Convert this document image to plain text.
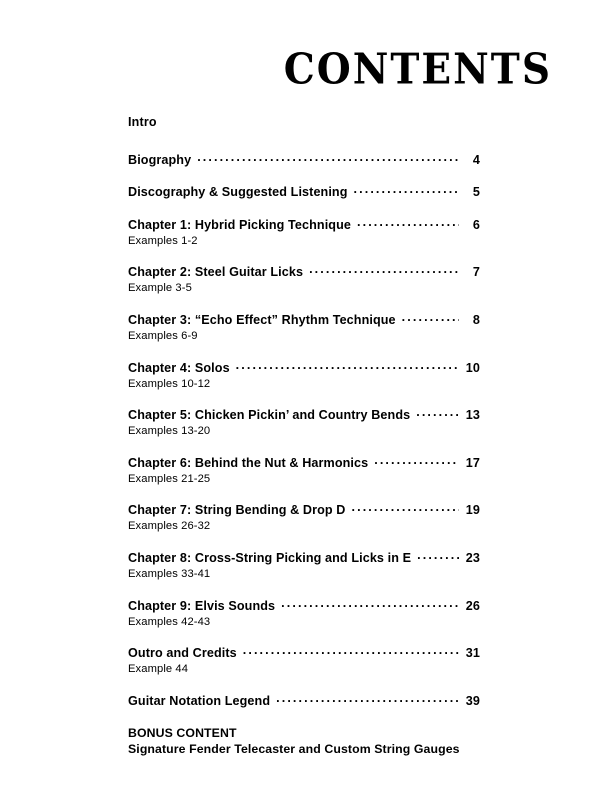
CONTENTS
Intro
Biography .....	4
Discography & Suggested Listening .....	5
Chapter 1: Hybrid Picking Technique .....	6
Examples 1-2
Chapter 2: Steel Guitar Licks .....	7
Example 3-5
Chapter 3: “Echo Effect” Rhythm Technique .....	8
Examples 6-9
Chapter 4: Solos .....	10
Examples 10-12
Chapter 5: Chicken Pickin’ and Country Bends .....	13
Examples 13-20
Chapter 6: Behind the Nut & Harmonics .....	17
Examples 21-25
Chapter 7: String Bending & Drop D .....	19
Examples 26-32
Chapter 8: Cross-String Picking and Licks in E .....	23
Examples 33-41
Chapter 9: Elvis Sounds .....	26
Examples 42-43
Outro and Credits .....	31
Example 44
Guitar Notation Legend .....	39
BONUS CONTENT
Signature Fender Telecaster and Custom String Gauges
